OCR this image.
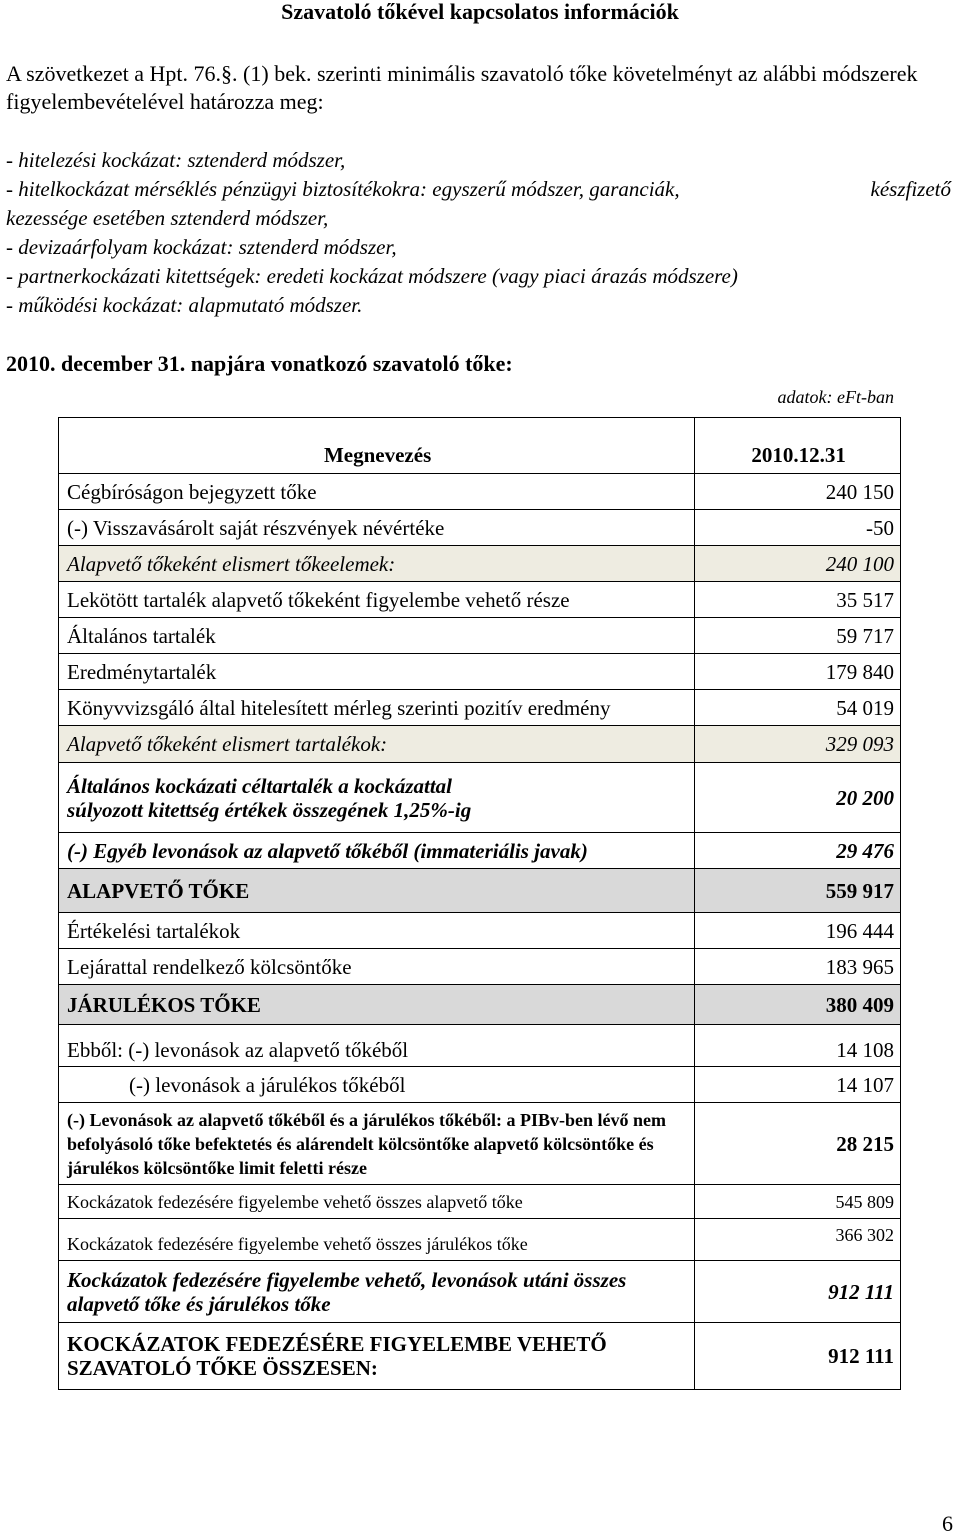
Szavatoló tőkével kapcsolatos információk

A szövetkezet a Hpt. 76.§. (1) bek. szerinti minimális szavatoló tőke követelményt az alábbi módszerek figyelembevételével határozza meg:

- hitelezési kockázat: sztenderd módszer,
- hitelkockázat mérséklés pénzügyi biztosítékokra: egyszerű módszer, garanciák,	készfizető
kezessége esetében sztenderd módszer,
- devizaárfolyam kockázat: sztenderd módszer,
- partnerkockázati kitettségek: eredeti kockázat módszere (vagy piaci árazás módszere)
- működési kockázat: alapmutató módszer.
2010. december 31. napjára vonatkozó szavatoló tőke:
adatok: eFt-ban
Megnevezés	2010.12.31
Cégbíróságon bejegyzett tőke	240 150
(-) Visszavásárolt saját részvények névértéke	-50
Alapvető tőkeként elismert tőkeelemek:	240 100
Lekötött tartalék alapvető tőkeként figyelembe vehető része	35 517
Általános tartalék	59 717
Eredménytartalék	179 840
Könyvvizsgáló által hitelesített mérleg szerinti pozitív eredmény	54 019
Alapvető tőkeként elismert tartalékok:	329 093
Általános kockázati céltartalék a kockázattal súlyozott kitettség értékek összegének 1,25%-ig	20 200
(-) Egyéb levonások az alapvető tőkéből (immateriális javak)	29 476
ALAPVETŐ TŐKE	559 917
Értékelési tartalékok	196 444
Lejárattal rendelkező kölcsöntőke	183 965
JÁRULÉKOS TŐKE	380 409
Ebből: (-) levonások az alapvető tőkéből	14 108
(-) levonások a járulékos tőkéből	14 107
(-) Levonások az alapvető tőkéből és a járulékos tőkéből: a PIBv-ben lévő nem befolyásoló tőke befektetés és alárendelt kölcsöntőke alapvető kölcsöntőke és járulékos kölcsöntőke limit feletti része	28 215
Kockázatok fedezésére figyelembe vehető összes alapvető tőke	545 809
Kockázatok fedezésére figyelembe vehető összes járulékos tőke	366 302
Kockázatok fedezésére figyelembe vehető, levonások utáni összes alapvető tőke és járulékos tőke	912 111
KOCKÁZATOK FEDEZÉSÉRE FIGYELEMBE VEHETŐ SZAVATOLÓ TŐKE ÖSSZESEN:	912 111
6
